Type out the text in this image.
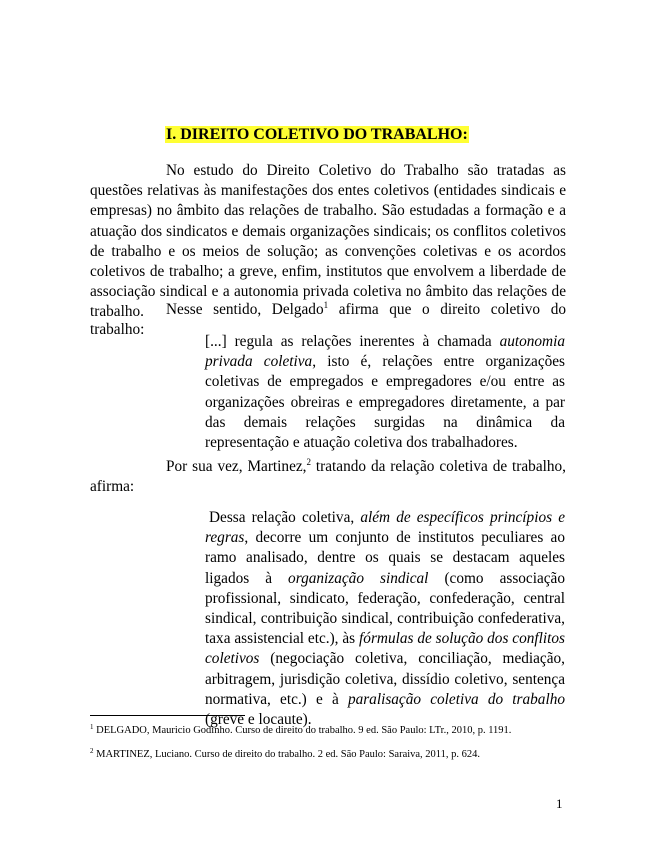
I. DIREITO COLETIVO DO TRABALHO:

No estudo do Direito Coletivo do Trabalho são tratadas as questões relativas às manifestações dos entes coletivos (entidades sindicais e empresas) no âmbito das relações de trabalho. São estudadas a formação e a atuação dos sindicatos e demais organizações sindicais; os conflitos coletivos de trabalho e os meios de solução; as convenções coletivas e os acordos coletivos de trabalho; a greve, enfim, institutos que envolvem a liberdade de associação sindical e a autonomia privada coletiva no âmbito das relações de trabalho.	Nesse sentido, Delgado$^1$ afirma que o direito coletivo do trabalho:

[...] regula as relações inerentes à chamada autonomia privada coletiva, isto é, relações entre organizações coletivas de empregados e empregadores e/ou entre as organizações obreiras e empregadores diretamente, a par das demais relações surgidas na dinâmica da representação e atuação coletiva dos trabalhadores.

Por sua vez, Martinez,$^2$ tratando da relação coletiva de trabalho, afirma:

Dessa relação coletiva, além de específicos princípios e regras, decorre um conjunto de institutos peculiares ao ramo analisado, dentre os quais se destacam aqueles ligados à organização sindical (como associação profissional, sindicato, federação, confederação, central sindical, contribuição sindical, contribuição confederativa, taxa assistencial etc.), às fórmulas de solução dos conflitos coletivos (negociação coletiva, conciliação, mediação, arbitragem, jurisdição coletiva, dissídio coletivo, sentença normativa, etc.) e à paralisação coletiva do trabalho (greve e locaute).

$^1$ DELGADO, Mauricio Godinho. Curso de direito do trabalho. 9 ed. São Paulo: LTr., 2010, p. 1191.

$^2$ MARTINEZ, Luciano. Curso de direito do trabalho. 2 ed. São Paulo: Saraiva, 2011, p. 624.

1
